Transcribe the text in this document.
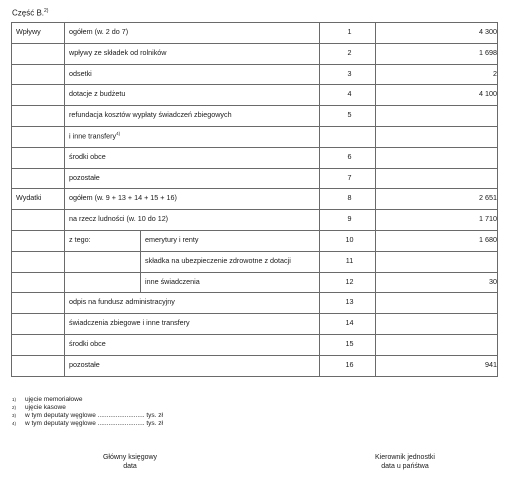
Część B.$^{2)}$
Wpływy	ogółem (w. 2 do 7)		1	4 300
	wpływy ze składek od rolników		2	1 698
	odsetki		3	2
	dotacje z budżetu		4	4 100
	refundacja kosztów wypłaty świadczeń zbiegowych		5	
	i inne transfery$^{4)}$		
	środki obce		6	
	pozostałe		7	
Wydatki	ogółem (w. 9 + 13 + 14 + 15 + 16)		8	2 651
	na rzecz ludności (w. 10 do 12)		9	1 710
	z tego:	emerytury i renty	10	1 680
		składka na ubezpieczenie zdrowotne z dotacji	11	
		inne świadczenia	12	30
	odpis na fundusz administracyjny		13	
	świadczenia zbiegowe i inne transfery		14	
	środki obce		15	
	pozostałe		16	941
1)	ujęcie memoriałowe
2)	ujęcie kasowe
3)	w tym deputaty węglowe .......................... tys. zł
4)	w tym deputaty węglowe .......................... tys. zł
Główny księgowy
data
Kierownik jednostki
data u pańśtwa
